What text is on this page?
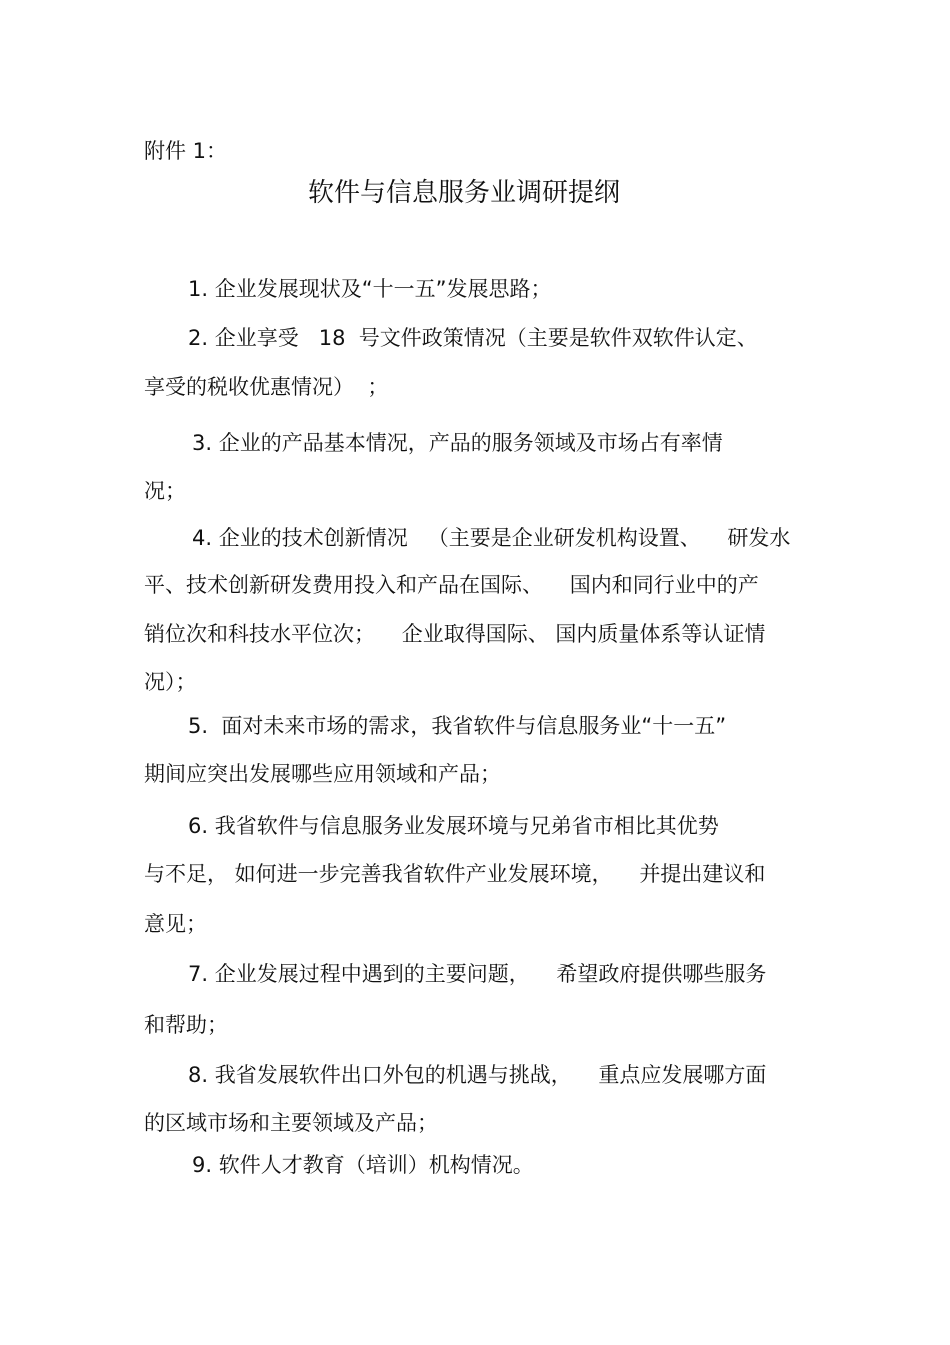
附件 1：
软件与信息服务业调研提纲
1. 企业发展现状及“十一五”发展思路；
2. 企业享受   18  号文件政策情况（主要是软件双软件认定、
享受的税收优惠情况）  ；
3. 企业的产品基本情况，产品的服务领域及市场占有率情
况；
4. 企业的技术创新情况   （主要是企业研发机构设置、    研发水
平、技术创新研发费用投入和产品在国际、    国内和同行业中的产
销位次和科技水平位次；    企业取得国际、 国内质量体系等认证情
况）；
5.  面对未来市场的需求，我省软件与信息服务业“十一五”
期间应突出发展哪些应用领域和产品；
6. 我省软件与信息服务业发展环境与兄弟省市相比其优势
与不足， 如何进一步完善我省软件产业发展环境，    并提出建议和
意见；
7. 企业发展过程中遇到的主要问题，    希望政府提供哪些服务
和帮助；
8. 我省发展软件出口外包的机遇与挑战，    重点应发展哪方面
的区域市场和主要领域及产品；
9. 软件人才教育（培训）机构情况。
